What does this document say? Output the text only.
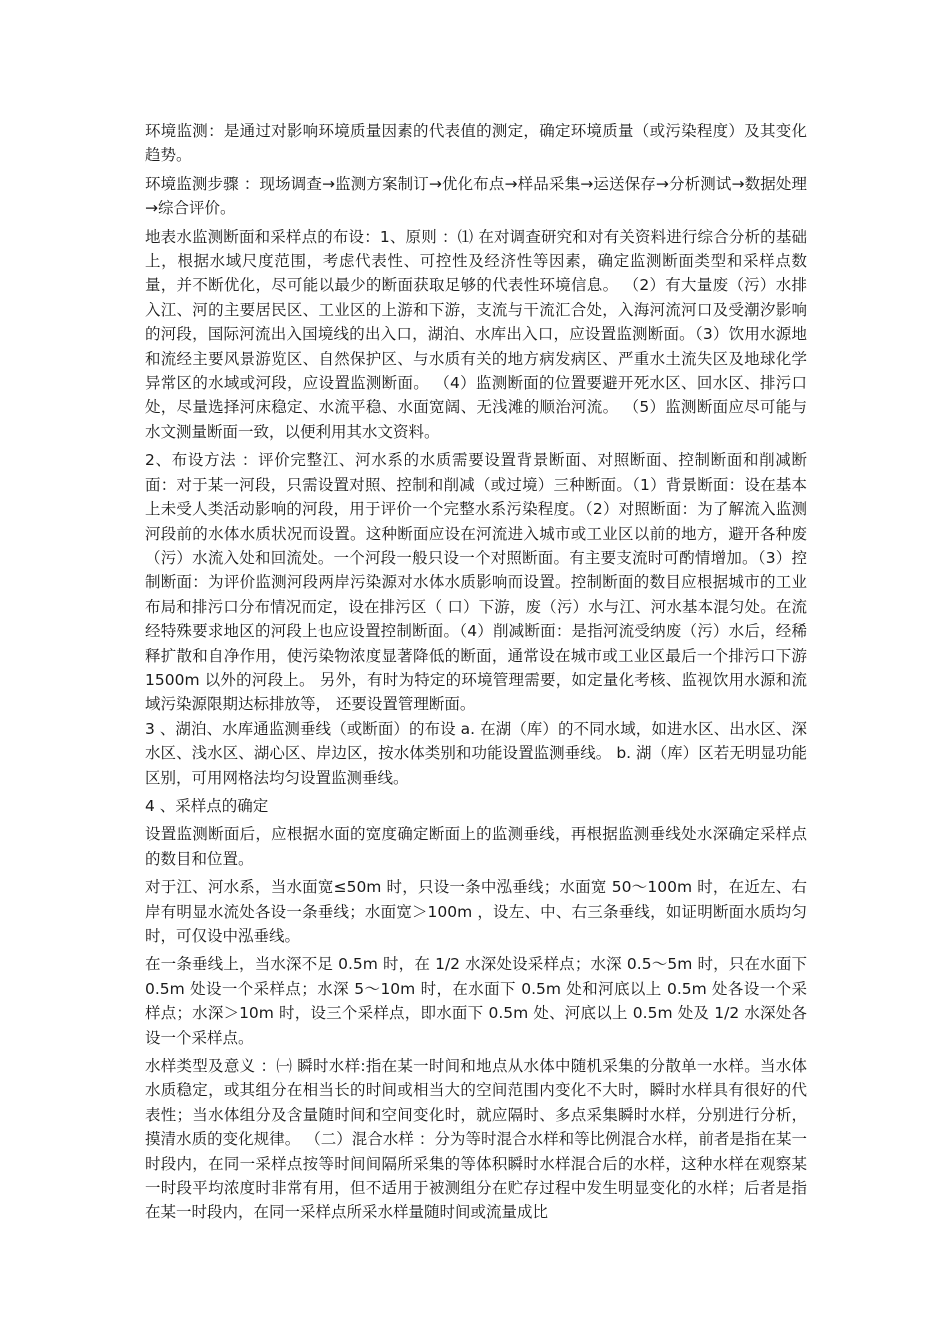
环境监测：是通过对影响环境质量因素的代表值的测定，确定环境质量（或污染程度）及其变化趋势。

环境监测步骤 ：现场调查→监测方案制订→优化布点→样品采集→运送保存→分析测试→数据处理→综合评价。

地表水监测断面和采样点的布设：1、原则 ：⑴ 在对调查研究和对有关资料进行综合分析的基础上，根据水域尺度范围，考虑代表性、可控性及经济性等因素，确定监测断面类型和采样点数量，并不断优化，尽可能以最少的断面获取足够的代表性环境信息。 （2）有大量废（污）水排入江、河的主要居民区、工业区的上游和下游，支流与干流汇合处，入海河流河口及受潮汐影响的河段，国际河流出入国境线的出入口，湖泊、水库出入口，应设置监测断面。（3）饮用水源地和流经主要风景游览区、自然保护区、与水质有关的地方病发病区、严重水土流失区及地球化学异常区的水域或河段，应设置监测断面。 （4）监测断面的位置要避开死水区、回水区、排污口处，尽量选择河床稳定、水流平稳、水面宽阔、无浅滩的顺治河流。 （5）监测断面应尽可能与水文测量断面一致，以便利用其水文资料。

2、布设方法 ：评价完整江、河水系的水质需要设置背景断面、对照断面、控制断面和削减断面：对于某一河段，只需设置对照、控制和削减（或过境）三种断面。（1）背景断面：设在基本上未受人类活动影响的河段，用于评价一个完整水系污染程度。（2）对照断面：为了解流入监测河段前的水体水质状况而设置。这种断面应设在河流进入城市或工业区以前的地方，避开各种废（污）水流入处和回流处。一个河段一般只设一个对照断面。有主要支流时可酌情增加。（3）控制断面：为评价监测河段两岸污染源对水体水质影响而设置。控制断面的数目应根据城市的工业布局和排污口分布情况而定，设在排污区（ 口）下游，废（污）水与江、河水基本混匀处。在流经特殊要求地区的河段上也应设置控制断面。（4）削减断面：是指河流受纳废（污）水后，经稀释扩散和自净作用，使污染物浓度显著降低的断面，通常设在城市或工业区最后一个排污口下游 1500m 以外的河段上。 另外，有时为特定的环境管理需要，如定量化考核、监视饮用水源和流域污染源限期达标排放等， 还要设置管理断面。

3 、湖泊、水库通监测垂线（或断面）的布设 a. 在湖（库）的不同水域，如进水区、出水区、深水区、浅水区、湖心区、岸边区，按水体类别和功能设置监测垂线。 b. 湖（库）区若无明显功能区别，可用网格法均匀设置监测垂线。

4 、采样点的确定

设置监测断面后，应根据水面的宽度确定断面上的监测垂线，再根据监测垂线处水深确定采样点的数目和位置。

对于江、河水系，当水面宽≤50m 时，只设一条中泓垂线；水面宽 50～100m 时，在近左、右岸有明显水流处各设一条垂线；水面宽＞100m ，设左、中、右三条垂线，如证明断面水质均匀时，可仅设中泓垂线。

在一条垂线上，当水深不足 0.5m 时，在 1/2 水深处设采样点；水深 0.5～5m 时，只在水面下 0.5m 处设一个采样点；水深 5～10m 时，在水面下 0.5m 处和河底以上 0.5m 处各设一个采样点；水深＞10m 时，设三个采样点，即水面下 0.5m 处、河底以上 0.5m 处及 1/2 水深处各设一个采样点。

水样类型及意义 ：㈠ 瞬时水样:指在某一时间和地点从水体中随机采集的分散单一水样。当水体水质稳定，或其组分在相当长的时间或相当大的空间范围内变化不大时，瞬时水样具有很好的代表性；当水体组分及含量随时间和空间变化时，就应隔时、多点采集瞬时水样，分别进行分析，摸清水质的变化规律。 （二）混合水样 ：分为等时混合水样和等比例混合水样，前者是指在某一时段内，在同一采样点按等时间间隔所采集的等体积瞬时水样混合后的水样，这种水样在观察某一时段平均浓度时非常有用，但不适用于被测组分在贮存过程中发生明显变化的水样；后者是指在某一时段内，在同一采样点所采水样量随时间或流量成比
